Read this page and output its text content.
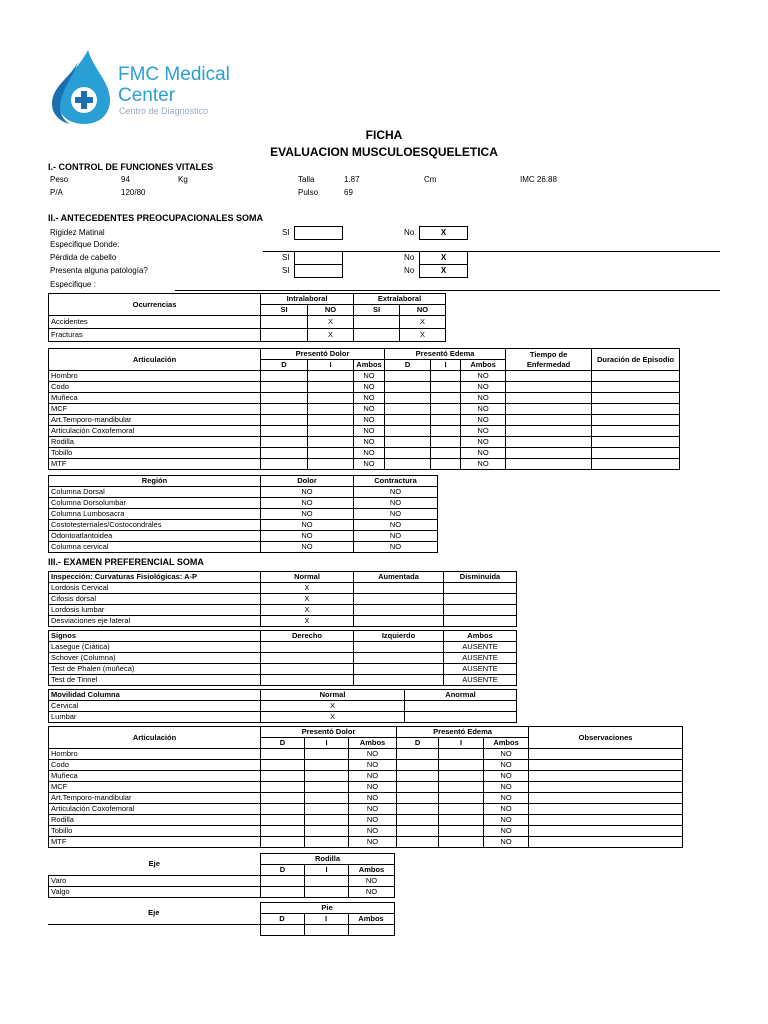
FMC Medical
Center
Centro de Diagnostico
FICHA
EVALUACION MUSCULOESQUELETICA
I.- CONTROL DE FUNCIONES VITALES
Peso	94	Kg	Talla	1.87	Cm	IMC 26.88
P/A	120/80	Pulso	69
II.- ANTECEDENTES PREOCUPACIONALES SOMA
Rigidez Matinal	SI	No	X
Especifique Donde:
Pérdida de cabello	SI	No	X
Presenta alguna patología?	SI	No	X
Especifique :
Ocurrencias	Intralaboral		Extralaboral	
	SI	NO	SI	NO
Accidentes		X		X
Fracturas		X		X
Articulación	Presentó Dolor			Presentó Edema			Tiempo de Enfermedad	Duración de Episodio
	D	I	Ambos	D	I	Ambos		
Hombro			NO			NO		
Codo			NO			NO		
Muñeca			NO			NO		
MCF			NO			NO		
Art.Temporo-mandibular			NO			NO		
Articulación Coxofemoral			NO			NO		
Rodilla			NO			NO		
Tobillo			NO			NO		
MTF			NO			NO		
Región	Dolor	Contractura
Columna Dorsal	NO	NO
Columna Dorsolumbar	NO	NO
Columna Lumbosacra	NO	NO
Costotesternales/Costocondrales	NO	NO
Odontoatlantoidea	NO	NO
Columna cervical	NO	NO
III.- EXAMEN PREFERENCIAL SOMA
Inspección: Curvaturas Fisiológicas: A-P	Normal	Aumentada	Disminuida
Lordosis Cervical	X		
Cifosis dorsal	X		
Lordosis lumbar	X		
Desviaciones eje lateral	X		
Signos	Derecho	Izquierdo	Ambos
Lasegue (Ciática)			AUSENTE
Schover (Columna)			AUSENTE
Test de Phalen (muñeca)			AUSENTE
Test de Tinnel			AUSENTE
Movilidad Columna	Normal	Anormal
Cervical	X	
Lumbar	X	
Articulación	Presentó Dolor			Presentó Edema			Observaciones
	D	I	Ambos	D	I	Ambos	
Hombro			NO			NO	
Codo			NO			NO	
Muñeca			NO			NO	
MCF			NO			NO	
Art.Temporo-mandibular			NO			NO	
Articulación Coxofemoral			NO			NO	
Rodilla			NO			NO	
Tobillo			NO			NO	
MTF			NO			NO	
Eje	Rodilla		
	D	I	Ambos
Varo			NO
Valgo			NO
Eje	Pie		
	D	I	Ambos
